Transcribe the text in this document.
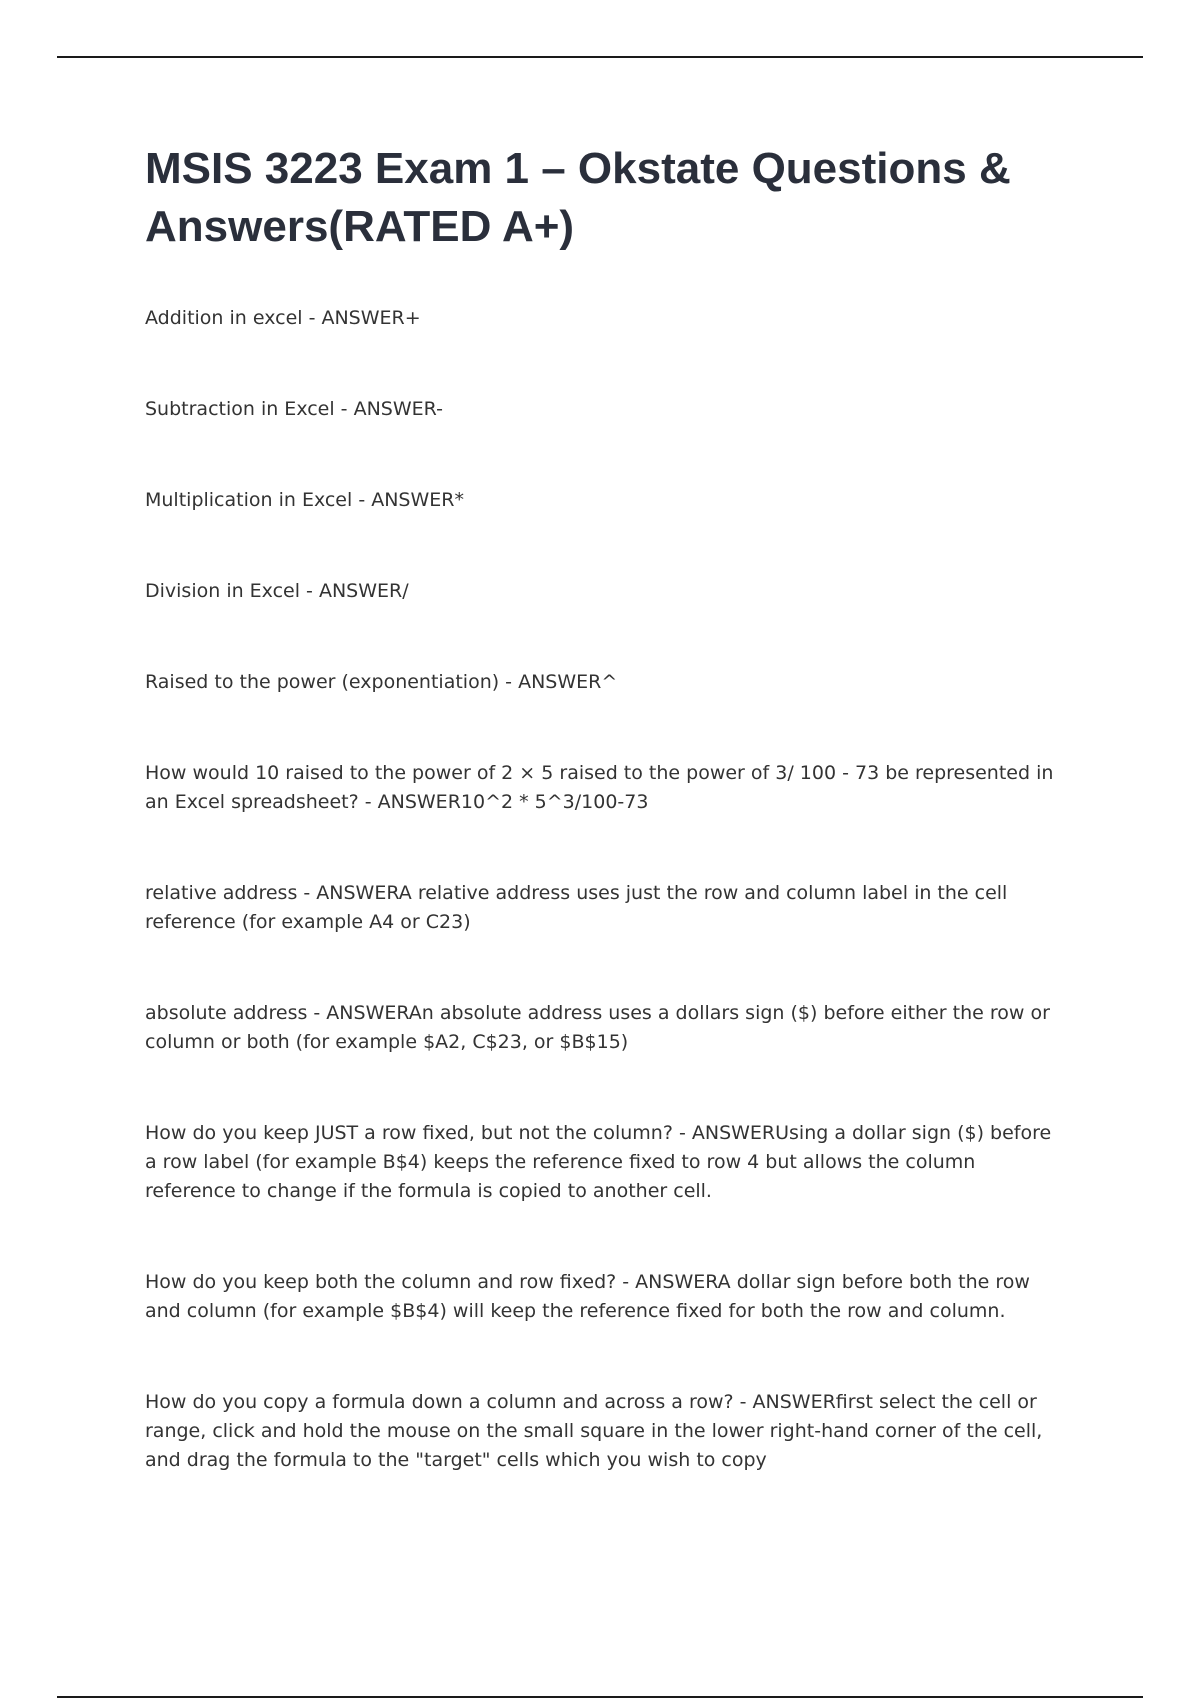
MSIS 3223 Exam 1 – Okstate Questions & Answers(RATED A+)
Addition in excel - ANSWER+
Subtraction in Excel - ANSWER-
Multiplication in Excel - ANSWER*
Division in Excel - ANSWER/
Raised to the power (exponentiation) - ANSWER^
How would 10 raised to the power of 2 × 5 raised to the power of 3/ 100 - 73 be represented in an Excel spreadsheet? - ANSWER10^2 * 5^3/100-73
relative address - ANSWERA relative address uses just the row and column label in the cell reference (for example A4 or C23)
absolute address - ANSWERAn absolute address uses a dollars sign ($) before either the row or column or both (for example $A2, C$23, or $B$15)
How do you keep JUST a row fixed, but not the column? - ANSWERUsing a dollar sign ($) before a row label (for example B$4) keeps the reference fixed to row 4 but allows the column reference to change if the formula is copied to another cell.
How do you keep both the column and row fixed? - ANSWERA dollar sign before both the row and column (for example $B$4) will keep the reference fixed for both the row and column.
How do you copy a formula down a column and across a row? - ANSWERfirst select the cell or range, click and hold the mouse on the small square in the lower right-hand corner of the cell, and drag the formula to the "target" cells which you wish to copy
